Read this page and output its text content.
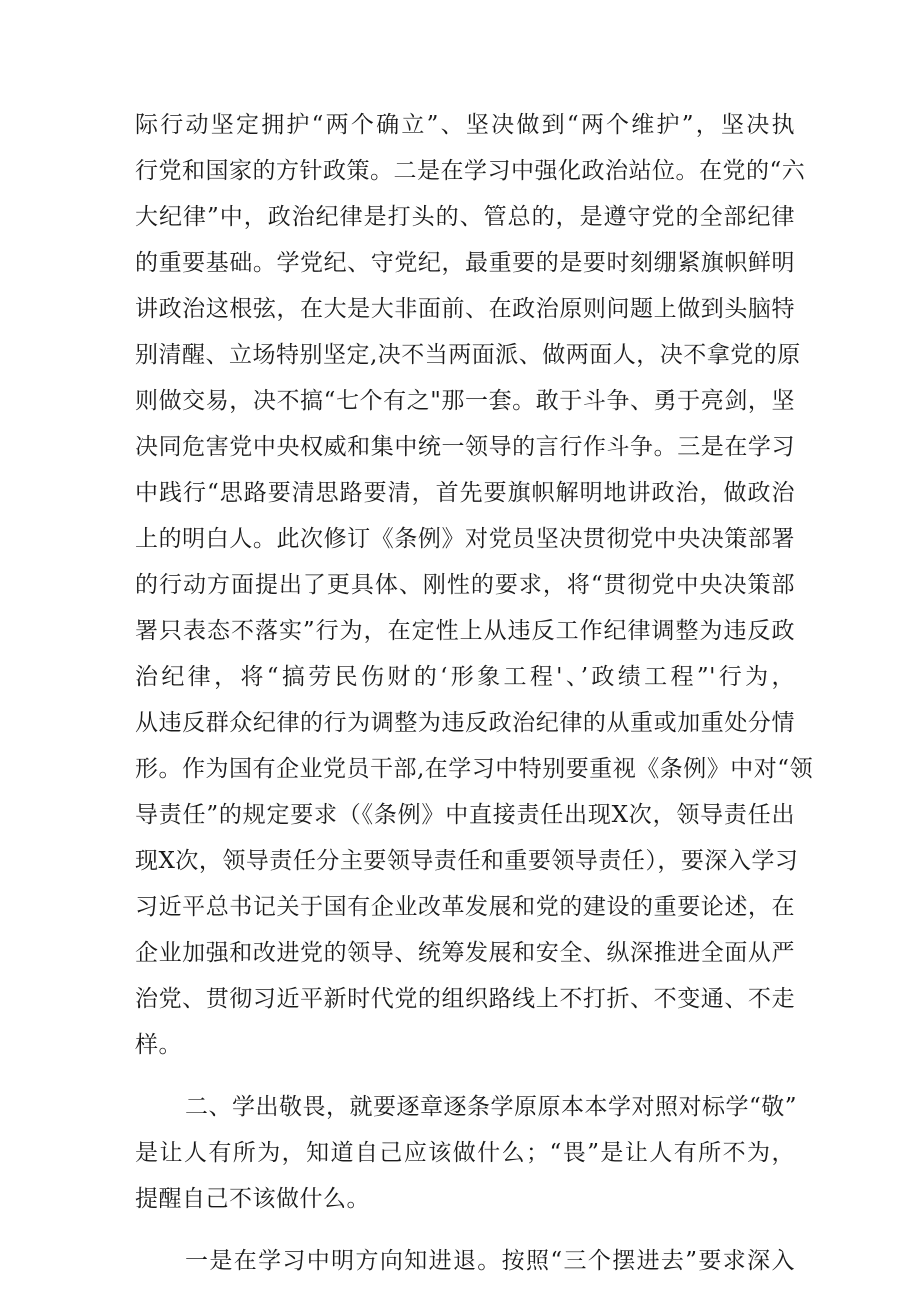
际行动坚定拥护“两个确立”、坚决做到“两个维护”，坚决执
行党和国家的方针政策。二是在学习中强化政治站位。在党的“六
大纪律”中，政治纪律是打头的、管总的，是遵守党的全部纪律
的重要基础。学党纪、守党纪，最重要的是要时刻绷紧旗帜鲜明
讲政治这根弦，在大是大非面前、在政治原则问题上做到头脑特
别清醒、立场特别坚定,决不当两面派、做两面人，决不拿党的原
则做交易，决不搞“七个有之"那一套。敢于斗争、勇于亮剑，坚
决同危害党中央权威和集中统一领导的言行作斗争。三是在学习
中践行“思路要清思路要清，首先要旗帜解明地讲政治，做政治
上的明白人。此次修订《条例》对党员坚决贯彻党中央决策部署
的行动方面提出了更具体、刚性的要求，将“贯彻党中央决策部
署只表态不落实”行为，在定性上从违反工作纪律调整为违反政
治纪律，将“搞劳民伤财的‘形象工程'、’政绩工程”'行为，
从违反群众纪律的行为调整为违反政治纪律的从重或加重处分情
形。作为国有企业党员干部,在学习中特别要重视《条例》中对“领
导责任”的规定要求（《条例》中直接责任出现X次，领导责任出
现X次，领导责任分主要领导责任和重要领导责任），要深入学习
习近平总书记关于国有企业改革发展和党的建设的重要论述，在
企业加强和改进党的领导、统筹发展和安全、纵深推进全面从严
治党、贯彻习近平新时代党的组织路线上不打折、不变通、不走
样。
二、学出敬畏，就要逐章逐条学原原本本学对照对标学“敬”
是让人有所为，知道自己应该做什么；“畏”是让人有所不为，
提醒自己不该做什么。
一是在学习中明方向知进退。按照“三个摆进去”要求深入
